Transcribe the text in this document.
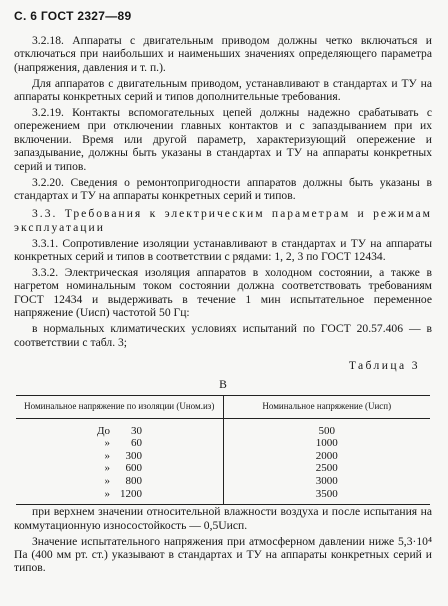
С. 6 ГОСТ 2327—89

3.2.18. Аппараты с двигательным приводом должны четко включаться и отключаться при наибольших и наименьших значениях определяющего параметра (напряжения, давления и т. п.).

Для аппаратов с двигательным приводом, устанавливают в стандартах и ТУ на аппараты конкретных серий и типов дополнительные требования.

3.2.19. Контакты вспомогательных цепей должны надежно срабатывать с опережением при отключении главных контактов и с запаздыванием при их включении. Время или другой параметр, характеризующий опережение и запаздывание, должны быть указаны в стандартах и ТУ на аппараты конкретных серий и типов.

3.2.20. Сведения о ремонтопригодности аппаратов должны быть указаны в стандартах и ТУ на аппараты конкретных серий и типов.

3.3. Требования к электрическим параметрам и режимам эксплуатации

3.3.1. Сопротивление изоляции устанавливают в стандартах и ТУ на аппараты конкретных серий и типов в соответствии с рядами: 1, 2, 3 по ГОСТ 12434.

3.3.2. Электрическая изоляция аппаратов в холодном состоянии, а также в нагретом номинальным током состоянии должна соответствовать требованиям ГОСТ 12434 и выдерживать в течение 1 мин испытательное переменное напряжение (Uисп) частотой 50 Гц:

в нормальных климатических условиях испытаний по ГОСТ 20.57.406 — в соответствии с табл. 3;

Таблица 3
В
Номинальное напряжение по изоляции (Uном.из)	Номинальное напряжение (Uисп)

До 30	500

» 60	1000

» 300	2000

» 600	2500

» 800	3000

» 1200	3500

при верхнем значении относительной влажности воздуха и после испытания на коммутационную износостойкость — 0,5Uисп.

Значение испытательного напряжения при атмосферном давлении ниже 5,3·10⁴ Па (400 мм рт. ст.) указывают в стандартах и ТУ на аппараты конкретных серий и типов.
